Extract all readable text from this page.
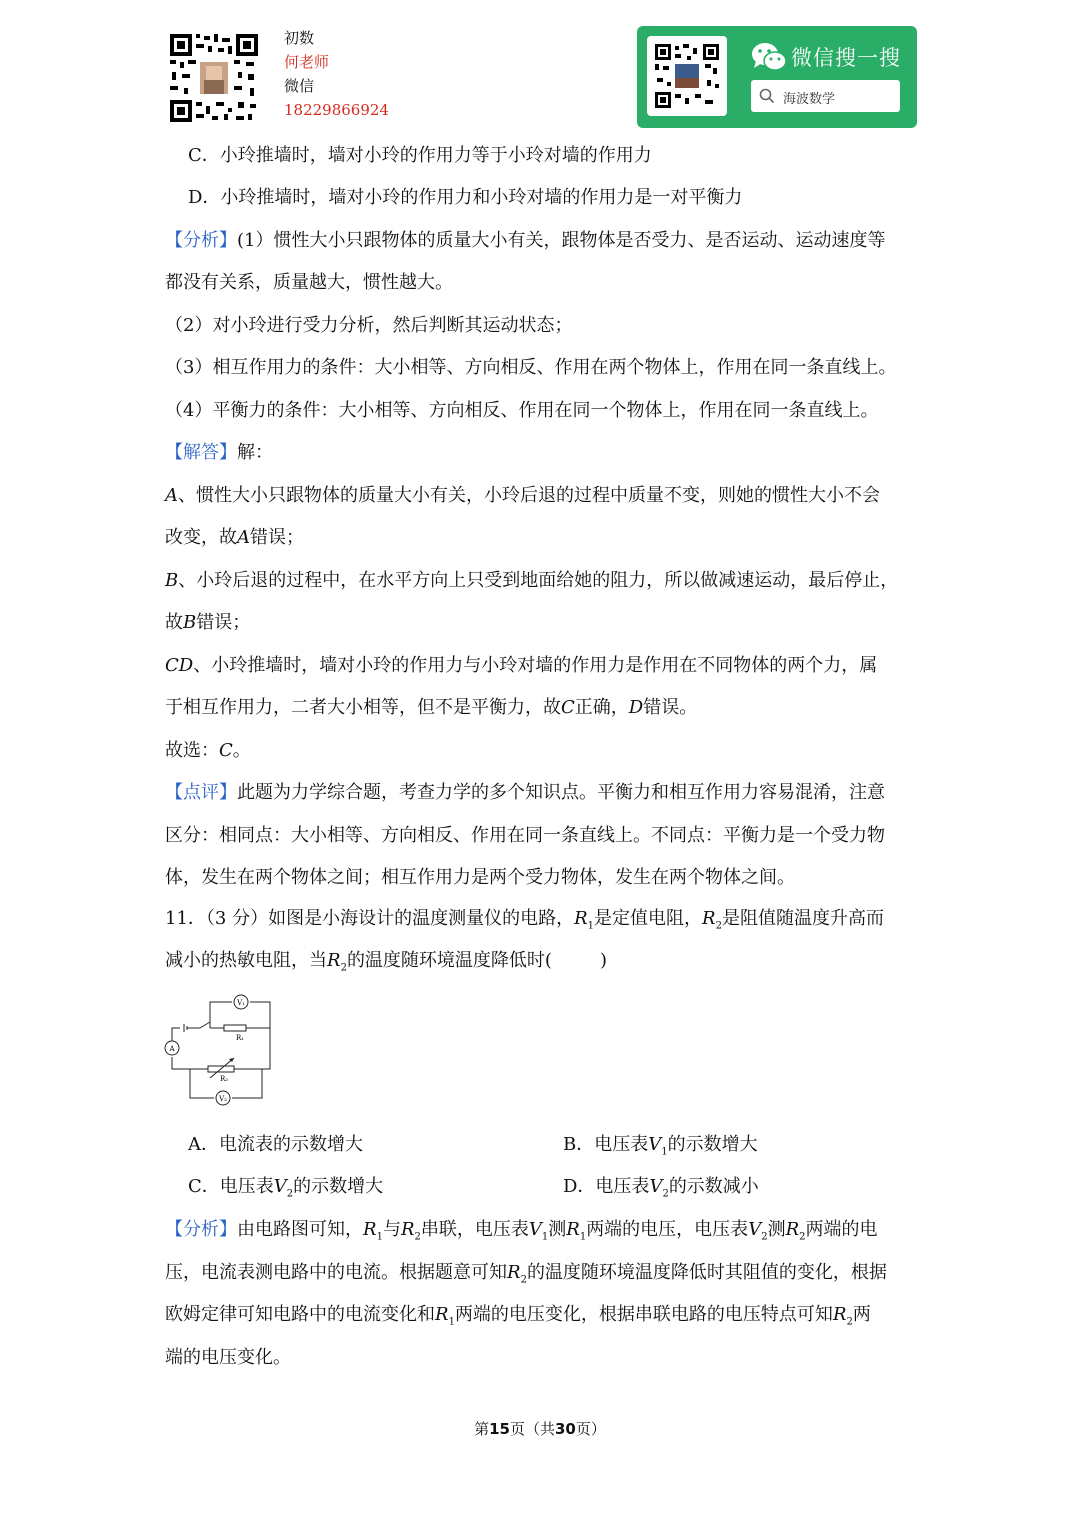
初数
何老师
微信
18229866924
微信搜一搜
海波数学
C．小玲推墙时，墙对小玲的作用力等于小玲对墙的作用力
D．小玲推墙时，墙对小玲的作用力和小玲对墙的作用力是一对平衡力
【分析】(1）惯性大小只跟物体的质量大小有关，跟物体是否受力、是否运动、运动速度等
都没有关系，质量越大，惯性越大。
（2）对小玲进行受力分析，然后判断其运动状态；
（3）相互作用力的条件：大小相等、方向相反、作用在两个物体上，作用在同一条直线上。
（4）平衡力的条件：大小相等、方向相反、作用在同一个物体上，作用在同一条直线上。
【解答】解：
A、惯性大小只跟物体的质量大小有关，小玲后退的过程中质量不变，则她的惯性大小不会
改变，故A错误；
B、小玲后退的过程中，在水平方向上只受到地面给她的阻力，所以做减速运动，最后停止，
故B错误；
CD、小玲推墙时，墙对小玲的作用力与小玲对墙的作用力是作用在不同物体的两个力，属
于相互作用力，二者大小相等，但不是平衡力，故C正确，D错误。
故选：C。
【点评】此题为力学综合题，考查力学的多个知识点。平衡力和相互作用力容易混淆，注意
区分：相同点：大小相等、方向相反、作用在同一条直线上。不同点：平衡力是一个受力物
体，发生在两个物体之间；相互作用力是两个受力物体，发生在两个物体之间。
11．（3 分）如图是小海设计的温度测量仪的电路，$R_1$是定值电阻，$R_2$是阻值随温度升高而
减小的热敏电阻，当$R_2$的温度随环境温度降低时(	)
V₁
A
V₂
R₁
R₂
A．电流表的示数增大	B．电压表$V_1$的示数增大
C．电压表$V_2$的示数增大	D．电压表$V_2$的示数减小
【分析】由电路图可知，$R_1$与$R_2$串联，电压表$V_1$测$R_1$两端的电压，电压表$V_2$测$R_2$两端的电
压，电流表测电路中的电流。根据题意可知$R_2$的温度随环境温度降低时其阻值的变化，根据
欧姆定律可知电路中的电流变化和$R_1$两端的电压变化，根据串联电路的电压特点可知$R_2$两
端的电压变化。
第15页（共30页）
